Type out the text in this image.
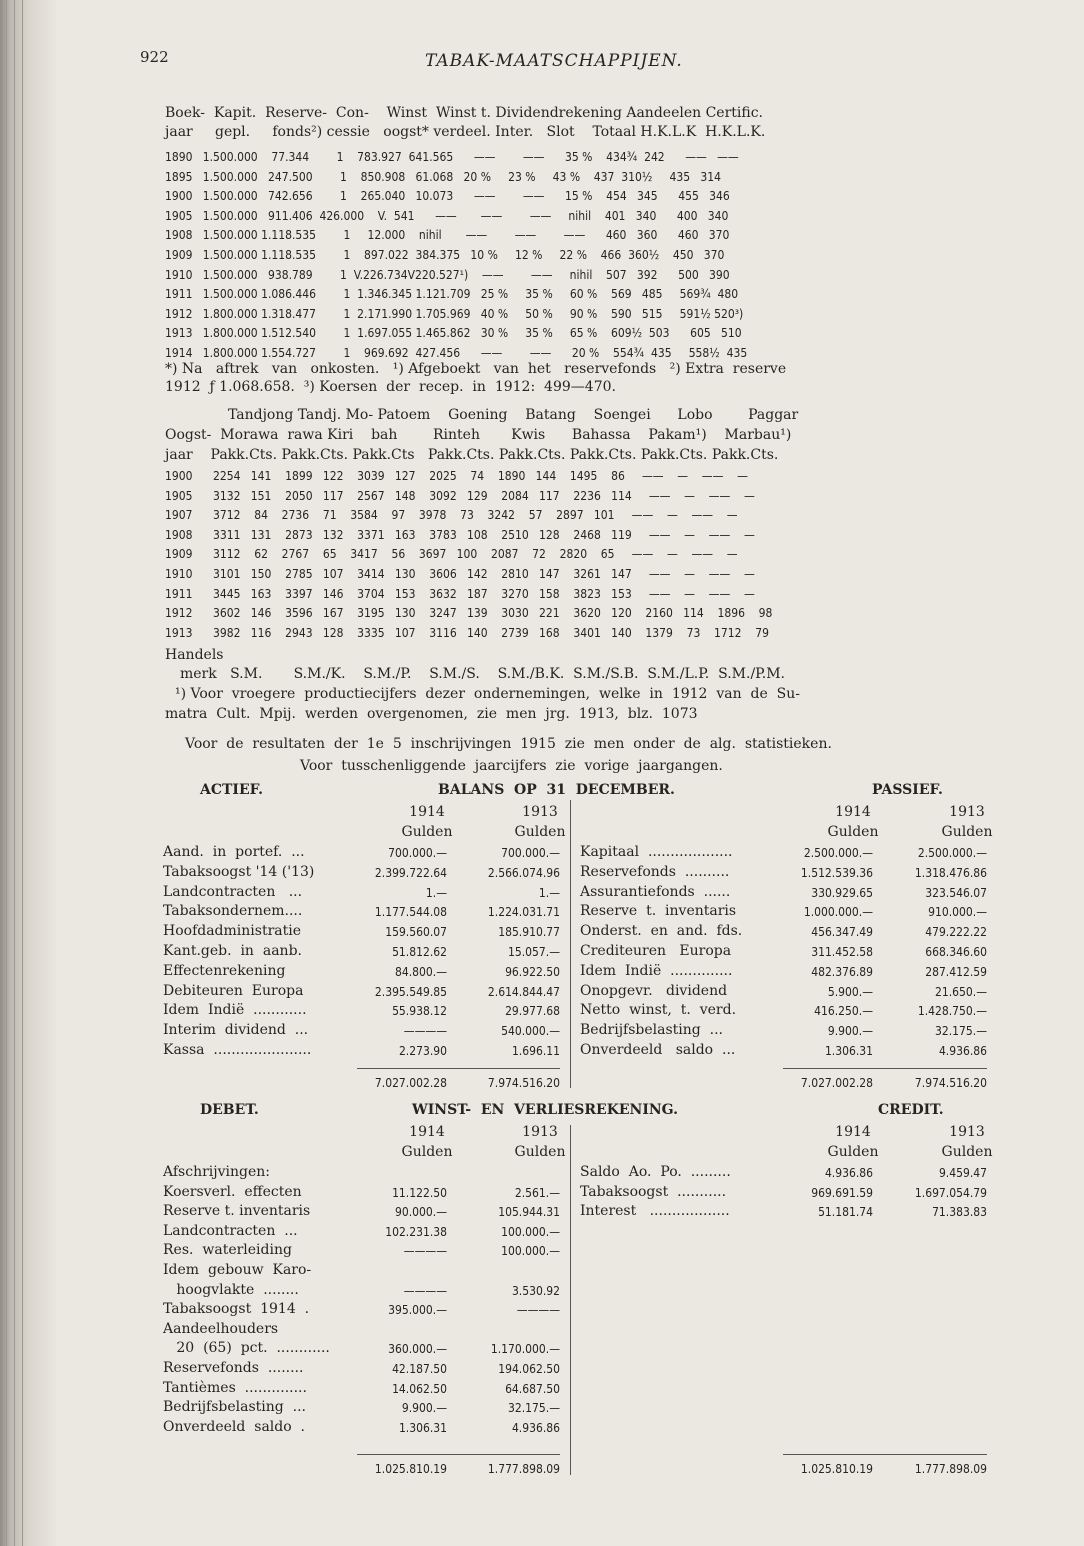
922	TABAK-MAATSCHAPPIJEN.
Boek-  Kapit.  Reserve-  Con-    Winst  Winst t. Dividendrekening Aandeelen Certific.
jaar     gepl.     fonds²) cessie   oogst* verdeel. Inter.   Slot    Totaal H.K.L.K  H.K.L.K.
1890   1.500.000    77.344        1    783.927  641.565      ——        ——      35 %    434¾  242      ——   ——
1895   1.500.000   247.500        1    850.908   61.068   20 %     23 %     43 %    437  310½     435   314
1900   1.500.000   742.656        1    265.040   10.073      ——        ——      15 %    454   345      455   346
1905   1.500.000   911.406  426.000    V.  541      ——       ——        ——     nihil    401   340      400   340
1908   1.500.000 1.118.535        1     12.000    nihil       ——        ——        ——      460   360      460   370
1909   1.500.000 1.118.535        1    897.022  384.375   10 %     12 %     22 %    466  360½    450   370
1910   1.500.000   938.789        1  V.226.734V220.527¹)    ——        ——     nihil    507   392      500   390
1911   1.500.000 1.086.446        1  1.346.345 1.121.709   25 %     35 %     60 %    569   485     569¾  480
1912   1.800.000 1.318.477        1  2.171.990 1.705.969   40 %     50 %     90 %    590   515     591½ 520³)
1913   1.800.000 1.512.540        1  1.697.055 1.465.862   30 %     35 %     65 %    609½  503      605   510
1914   1.800.000 1.554.727        1    969.692  427.456      ——        ——      20 %    554¾  435     558½  435
*) Na   aftrek   van   onkosten.   ¹) Afgeboekt   van  het   reservefonds   ²) Extra  reserve
1912  ƒ 1.068.658.  ³) Koersen  der  recep.  in  1912:  499—470.
Tandjong Tandj. Mo- Patoem    Goening    Batang    Soengei      Lobo        Paggar
Oogst-  Morawa  rawa Kiri    bah        Rinteh       Kwis      Bahassa    Pakam¹)    Marbau¹)
jaar    Pakk.Cts. Pakk.Cts. Pakk.Cts   Pakk.Cts. Pakk.Cts. Pakk.Cts. Pakk.Cts. Pakk.Cts.
1900      2254   141    1899   122    3039   127    2025    74    1890   144    1495    86     ——    —    ——    —
1905      3132   151    2050   117    2567   148    3092   129    2084   117    2236   114     ——    —    ——    —
1907      3712    84    2736    71    3584    97    3978    73    3242    57    2897   101     ——    —    ——    —
1908      3311   131    2873   132    3371   163    3783   108    2510   128    2468   119     ——    —    ——    —
1909      3112    62    2767    65    3417    56    3697   100    2087    72    2820    65     ——    —    ——    —
1910      3101   150    2785   107    3414   130    3606   142    2810   147    3261   147     ——    —    ——    —
1911      3445   163    3397   146    3704   153    3632   187    3270   158    3823   153     ——    —    ——    —
1912      3602   146    3596   167    3195   130    3247   139    3030   221    3620   120    2160   114    1896    98
1913      3982   116    2943   128    3335   107    3116   140    2739   168    3401   140    1379    73    1712    79
Handels
merk   S.M.       S.M./K.    S.M./P.    S.M./S.    S.M./B.K.  S.M./S.B.  S.M./L.P.  S.M./P.M.
¹) Voor  vroegere  productiecijfers  dezer  ondernemingen,  welke  in  1912  van  de  Su-
matra  Cult.  Mpij.  werden  overgenomen,  zie  men  jrg.  1913,  blz.  1073
Voor  de  resultaten  der  1e  5  inschrijvingen  1915  zie  men  onder  de  alg.  statistieken.
Voor  tusschenliggende  jaarcijfers  zie  vorige  jaargangen.
ACTIEF.	BALANS  OP  31  DECEMBER.	PASSIEF.
1914	1913
Gulden	Gulden
Aand.  in  portef.  ...	700.000.—	700.000.—
Tabaksoogst '14 ('13)	2.399.722.64	2.566.074.96
Landcontracten   ...	1.—	1.—
Tabaksondernem....	1.177.544.08	1.224.031.71
Hoofdadministratie	159.560.07	185.910.77
Kant.geb.  in  aanb.	51.812.62	15.057.—
Effectenrekening	84.800.—	96.922.50
Debiteuren  Europa	2.395.549.85	2.614.844.47
Idem  Indië  ............	55.938.12	29.977.68
Interim  dividend  ...	————	540.000.—
Kassa  ......................	2.273.90	1.696.11
7.027.002.28	7.974.516.20
1914	1913
Gulden	Gulden
Kapitaal  ...................	2.500.000.—	2.500.000.—
Reservefonds  ..........	1.512.539.36	1.318.476.86
Assurantiefonds  ......	330.929.65	323.546.07
Reserve  t.  inventaris	1.000.000.—	910.000.—
Onderst.  en  and.  fds.	456.347.49	479.222.22
Crediteuren   Europa	311.452.58	668.346.60
Idem  Indië  ..............	482.376.89	287.412.59
Onopgevr.   dividend	5.900.—	21.650.—
Netto  winst,  t.  verd.	416.250.—	1.428.750.—
Bedrijfsbelasting  ...	9.900.—	32.175.—
Onverdeeld   saldo  ...	1.306.31	4.936.86
7.027.002.28	7.974.516.20
DEBET.	WINST-  EN  VERLIESREKENING.	CREDIT.
1914	1913
Gulden	Gulden
Afschrijvingen:
Koersverl.  effecten	11.122.50	2.561.—
Reserve t. inventaris	90.000.—	105.944.31
Landcontracten  ...	102.231.38	100.000.—
Res.  waterleiding	————	100.000.—
Idem  gebouw  Karo-
hoogvlakte  ........	————	3.530.92
Tabaksoogst  1914  .	395.000.—	————
Aandeelhouders
20  (65)  pct.  ............	360.000.—	1.170.000.—
Reservefonds  ........	42.187.50	194.062.50
Tantièmes  ..............	14.062.50	64.687.50
Bedrijfsbelasting  ...	9.900.—	32.175.—
Onverdeeld  saldo  .	1.306.31	4.936.86
1.025.810.19	1.777.898.09
1914	1913
Gulden	Gulden
Saldo  Ao.  Po.  .........	4.936.86	9.459.47
Tabaksoogst  ...........	969.691.59	1.697.054.79
Interest   ..................	51.181.74	71.383.83
1.025.810.19	1.777.898.09
